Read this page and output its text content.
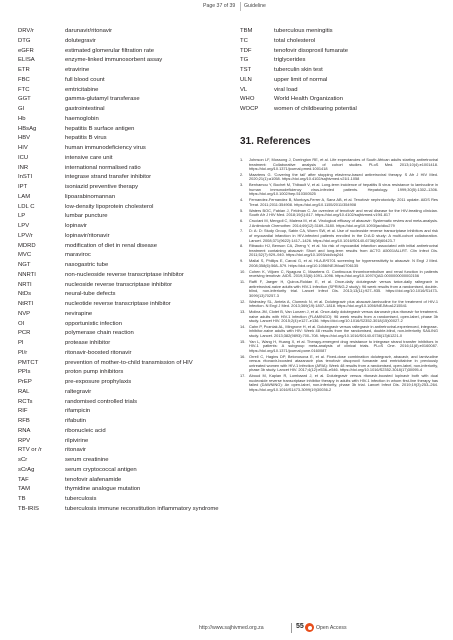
Page 37 of 39 Guideline
DRV/r	darunavir/ritonavir
DTG	dolutegravir
eGFR	estimated glomerular filtration rate
ELISA	enzyme-linked immunosorbent assay
ETR	etravirine
FBC	full blood count
FTC	emtricitabine
GGT	gamma-glutamyl transferase
GI	gastrointestinal
Hb	haemoglobin
HBsAg	hepatitis B surface antigen
HBV	hepatitis B virus
HIV	human immunodeficiency virus
ICU	intensive care unit
INR	international normalised ratio
InSTI	integrase strand transfer inhibitor
IPT	isoniazid preventive therapy
LAM	lipoarabinomannan
LDL C	low-density lipoprotein cholesterol
LP	lumbar puncture
LPV	lopinavir
LPV/r	lopinavir/ritonavir
MDRD	modification of diet in renal disease
MVC	maraviroc
NGT	nasogastric tube
NNRTI	non-nucleoside reverse transcriptase inhibitor
NRTI	nucleoside reverse transcriptase inhibitor
NtDs	neural-tube defects
NtRTI	nucleotide reverse transcriptase inhibitor
NVP	nevirapine
OI	opportunistic infection
PCR	polymerase chain reaction
PI	protease inhibitor
PI/r	ritonavir-boosted ritonavir
PMTCT	prevention of mother-to-child transmission of HIV
PPIs	proton pump inhibitors
PrEP	pre-exposure prophylaxis
RAL	raltegravir
RCTs	randomised controlled trials
RIF	rifampicin
RFB	rifabutin
RNA	ribonucleic acid
RPV	rilpivirine
RTV or /r	ritonavir
sCr	serum creatinine
sCrAg	serum cryptococcal antigen
TAF	tenofovir alafenamide
TAM	thymidine analogue mutation
TB	tuberculosis
TB-IRIS	tuberculosis immune reconstitution inflammatory syndrome
TBM	tuberculous meningitis
TC	total cholesterol
TDF	tenofovir disoproxil fumarate
TG	triglycerides
TST	tuberculin skin test
ULN	upper limit of normal
VL	viral load
WHO	World Health Organization
WOCP	women of childbearing potential
31. References
1.	Johnson LF, Mossong J, Dorrington RE, et al. Life expectancies of South African adults starting antiretroviral treatment: Collaborative analysis of cohort studies. PLoS Med. 2013;10(4):e1001418. https://doi.org/10.1371/journal.pmed.1001418
2.	Maartens G. 'Covering the tail' after stopping efavirenz-based antiretroviral therapy. S Afr J HIV Med. 2020;21(1):a1058. https://doi.org/10.4102/sajhivmed.v21i1.1058
3.	Benhamou Y, Bochet M, Thibault V, et al. Long-term incidence of hepatitis B virus resistance to lamivudine in human immunodeficiency virus-infected patients. Hepatology. 1999;30(5):1302–1306. https://doi.org/10.1002/hep.510300525
4.	Fernandez-Fernandez B, Montoya-Ferrer A, Sanz AB, et al. Tenofovir nephrotoxicity: 2011 update. AIDS Res Treat. 2011;2011:354908. https://doi.org/10.1155/2011/354908
5.	Waters BOC, Fabian J, Feldman C. An overview of tenofovir and renal disease for the HIV-treating clinician. South Afr J HIV Med. 2018;19(1):817. https://doi.org/10.4102/sajhivmed.v19i1.817
6.	Cruciani M, Mengoli C, Malena M, et al. Virological efficacy of abacavir: Systematic review and meta-analysis. J Antimicrob Chemother. 2014;69(12):3169–3180. https://doi.org/10.1093/jac/dku279
7.	D: A: D: Study Group, Sabin CA, Worm SW, et al. Use of nucleoside reverse transcriptase inhibitors and risk of myocardial infarction in HIV-infected patients enrolled in the D:A:D study: A multi-cohort collaboration. Lancet. 2008;371(9622):1417–1426. https://doi.org/10.1016/S0140-6736(08)60423-7
8.	Ribaudo HJ, Benson CA, Zheng Y, et al. No risk of myocardial infarction associated with initial antiretroviral treatment containing abacavir: Short and long-term results from ACTG A5001/ALLRT. Clin Infect Dis. 2011;52(7):929–940. https://doi.org/10.1093/cid/ciq244
9.	Mallal S, Phillips E, Carosi G, et al. HLA-B*5701 screening for hypersensitivity to abacavir. N Engl J Med. 2008;358(6):568–579. https://doi.org/10.1056/NEJMoa0706135
10. Cohen K, Viljoen C, Nyagura C, Maartens G. Continuous thromboembolism and renal function in patients receiving tenofovir. AIDS. 2019;33(6):1091–1096. https://doi.org/10.1097/QAD.0000000000002156
11. Raffi F, Jaeger H, Quiros-Roldan E, et al. Once-daily dolutegravir versus twice-daily raltegravir in antiretroviral-naive adults with HIV-1 infection (SPRING-2 study): 96 week results from a randomised, double-blind, non-inferiority trial. Lancet Infect Dis. 2013;13(11):927–935. https://doi.org/10.1016/S1473-3099(13)70257-3
12. Walmsley SL, Antela A, Clumeck N, et al. Dolutegravir plus abacavir-lamivudine for the treatment of HIV-1 infection. N Engl J Med. 2013;369(19):1807–1818. https://doi.org/10.1056/NEJMoa1215541
13. Molina JM, Clotet B, Van Lunzen J, et al. Once-daily dolutegravir versus darunavir plus ritonavir for treatment-naive adults with HIV-1 infection (FLAMINGO): 96 week results from a randomised, open-label, phase 3b study. Lancet HIV. 2015;2(4):e127–e136. https://doi.org/10.1016/S2352-3018(15)00027-2
14. Cahn P, Pozniak AL, Mingrone H, et al. Dolutegravir versus raltegravir in antiretroviral-experienced, integrase-inhibitor-naive adults with HIV: Week 48 results from the randomised, double-blind, non-inferiority SAILING study. Lancet. 2013;382(9893):700–708. https://doi.org/10.1016/S0140-6736(13)61221-0
15. Yan L, Wang H, Huang X, et al. Therapy-emergent drug resistance to integrase strand transfer inhibitors in HIV-1 patients: A subgroup meta-analysis of clinical trials. PLoS One. 2016;11(8):e0160087. https://doi.org/10.1371/journal.pone.0160087
16. Orrell C, Hagins DP, Belonosova E, et al. Fixed-dose combination dolutegravir, abacavir, and lamivudine versus ritonavir-boosted atazanavir plus tenofovir disoproxil fumarate and emtricitabine in previously untreated women with HIV-1 infection (ARIA): Week 48 results from a randomised, open-label, non-inferiority, phase 3b study. Lancet HIV. 2017;4(12):e536–e546. https://doi.org/10.1016/S2352-3018(17)30095-4
17. Aboud M, Kaplan R, Lombaard J, et al. Dolutegravir versus ritonavir-boosted lopinavir both with dual nucleoside reverse transcriptase inhibitor therapy in adults with HIV-1 infection in whom first-line therapy has failed (DAWNING): An open-label, non-inferiority, phase 3b trial. Lancet Infect Dis. 2019;19(3):253–264. https://doi.org/10.1016/S1473-3099(19)30036-2
http://www.sajhivmed.org.za	55 Open Access
